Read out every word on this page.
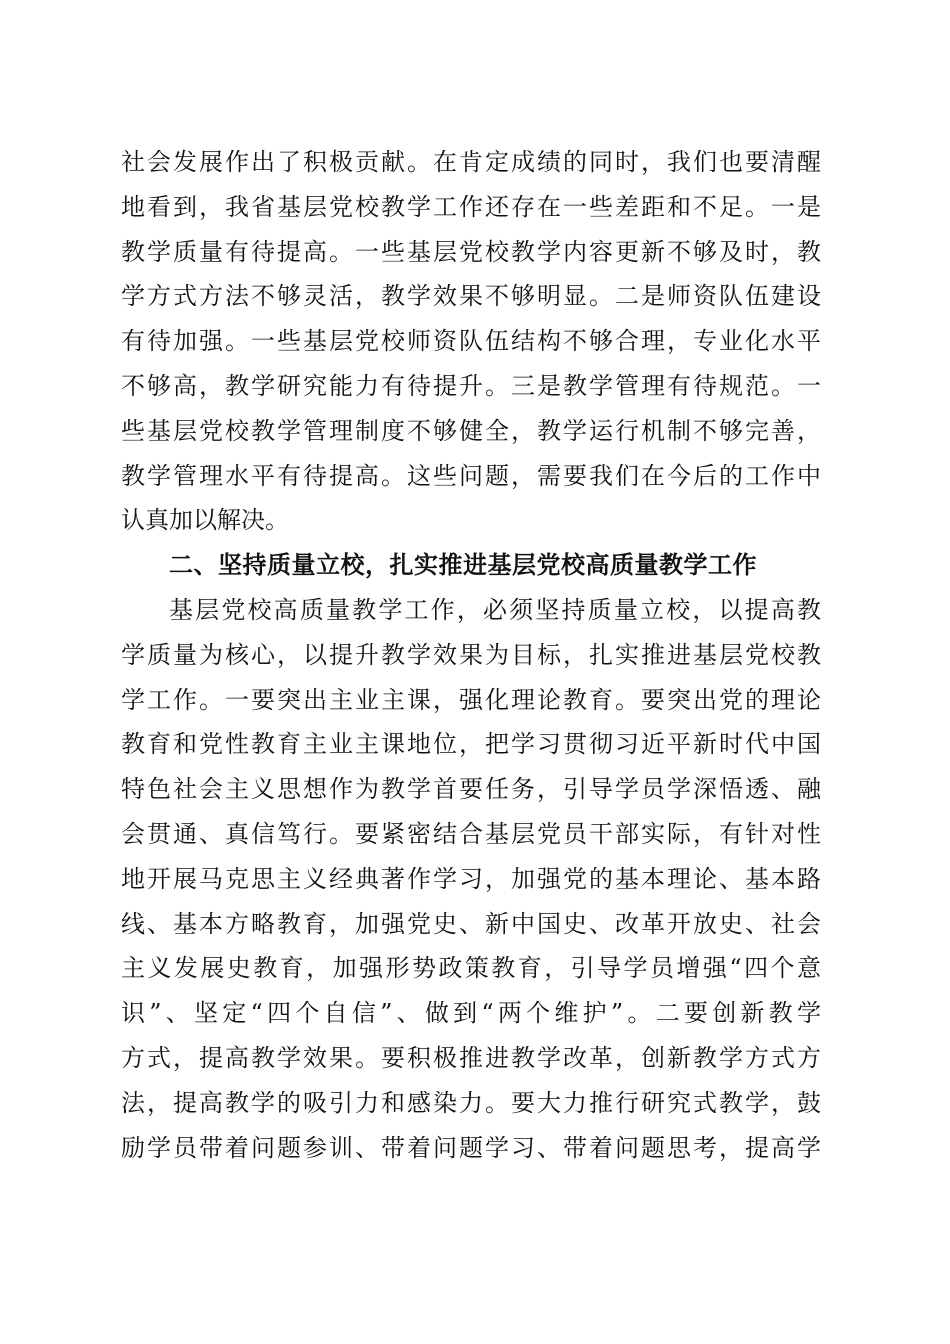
社会发展作出了积极贡献。在肯定成绩的同时，我们也要清醒
地看到，我省基层党校教学工作还存在一些差距和不足。一是
教学质量有待提高。一些基层党校教学内容更新不够及时，教
学方式方法不够灵活，教学效果不够明显。二是师资队伍建设
有待加强。一些基层党校师资队伍结构不够合理，专业化水平
不够高，教学研究能力有待提升。三是教学管理有待规范。一
些基层党校教学管理制度不够健全，教学运行机制不够完善，
教学管理水平有待提高。这些问题，需要我们在今后的工作中
认真加以解决。
二、坚持质量立校，扎实推进基层党校高质量教学工作
基层党校高质量教学工作，必须坚持质量立校，以提高教
学质量为核心，以提升教学效果为目标，扎实推进基层党校教
学工作。一要突出主业主课，强化理论教育。要突出党的理论
教育和党性教育主业主课地位，把学习贯彻习近平新时代中国
特色社会主义思想作为教学首要任务，引导学员学深悟透、融
会贯通、真信笃行。要紧密结合基层党员干部实际，有针对性
地开展马克思主义经典著作学习，加强党的基本理论、基本路
线、基本方略教育，加强党史、新中国史、改革开放史、社会
主义发展史教育，加强形势政策教育，引导学员增强“四个意
识”、坚定“四个自信”、做到“两个维护”。二要创新教学
方式，提高教学效果。要积极推进教学改革，创新教学方式方
法，提高教学的吸引力和感染力。要大力推行研究式教学，鼓
励学员带着问题参训、带着问题学习、带着问题思考，提高学
